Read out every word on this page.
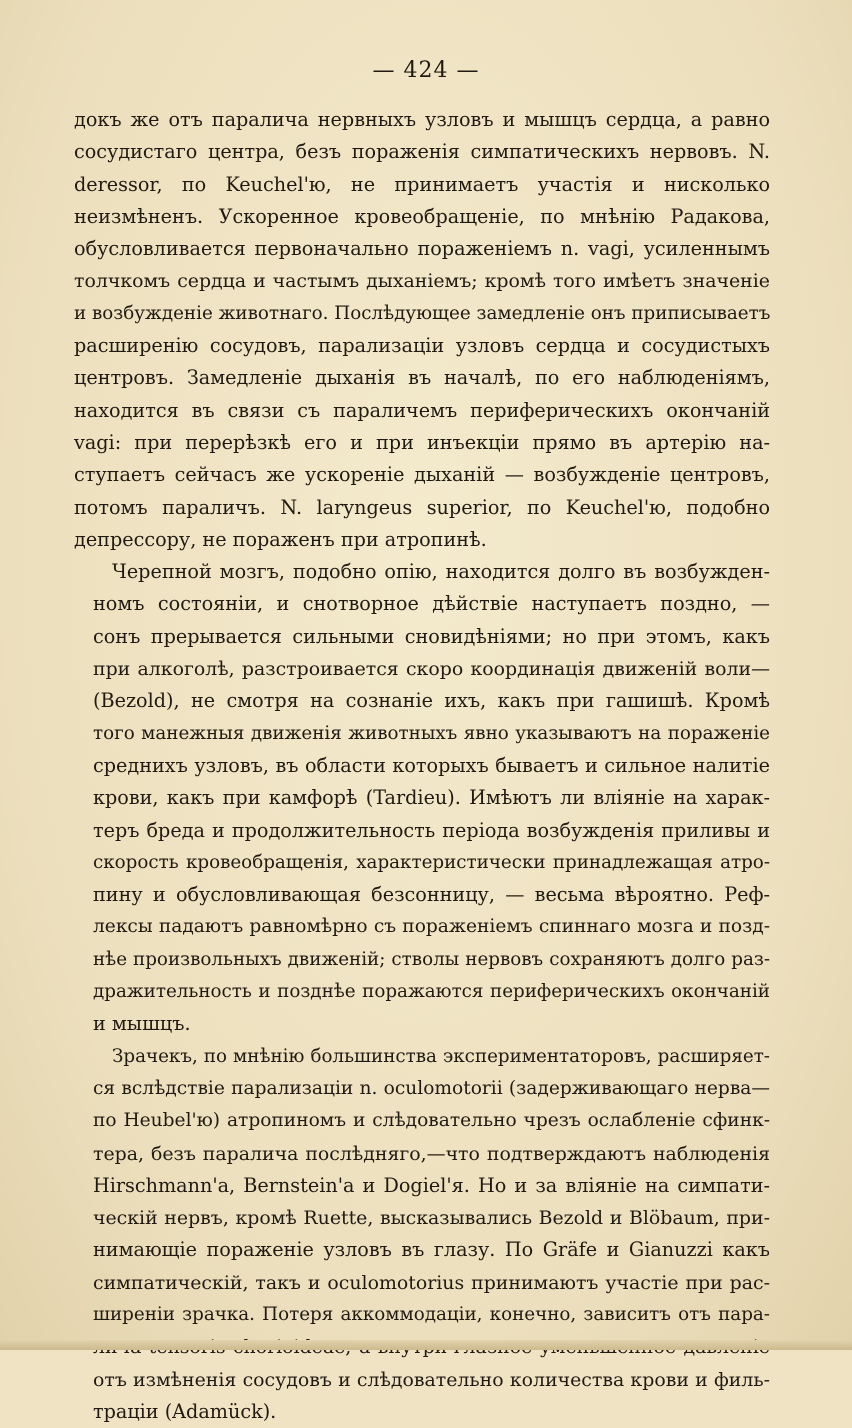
— 424 —

докъ же отъ паралича нервныхъ узловъ и мышцъ сердца, а равно
сосудистаго центра, безъ пораженія симпатическихъ нервовъ. N.
deressor, по Keuchel'ю, не принимаетъ участія и нисколько
неизмѣненъ. Ускоренное кровеобращеніе, по мнѣнію Радакова,
обусловливается первоначально пораженіемъ n. vagi, усиленнымъ
толчкомъ сердца и частымъ дыханіемъ; кромѣ того имѣетъ значеніе
и возбужденіе животнаго. Послѣдующее замедленіе онъ приписываетъ
расширенію сосудовъ, парализаціи узловъ сердца и сосудистыхъ
центровъ. Замедленіе дыханія въ началѣ, по его наблюденіямъ,
находится въ связи съ параличемъ периферическихъ окончаній
vagi: при перерѣзкѣ его и при инъекціи прямо въ артерію на-
ступаетъ сейчасъ же ускореніе дыханій — возбужденіе центровъ,
потомъ параличъ. N. laryngeus superior, по Keuchel'ю, подобно
депрессору, не пораженъ при атропинѣ.

Черепной мозгъ, подобно опію, находится долго въ возбужден-
номъ состояніи, и снотворное дѣйствіе наступаетъ поздно, —
сонъ прерывается сильными сновидѣніями; но при этомъ, какъ
при алкоголѣ, разстроивается скоро координація движеній воли—
(Bezold), не смотря на сознаніе ихъ, какъ при гашишѣ. Кромѣ
того манежныя движенія животныхъ явно указываютъ на пораженіе
среднихъ узловъ, въ области которыхъ бываетъ и сильное налитіе
крови, какъ при камфорѣ (Tardieu). Имѣютъ ли вліяніе на харак-
теръ бреда и продолжительность періода возбужденія приливы и
скорость кровеобращенія, характеристически принадлежащая атро-
пину и обусловливающая безсонницу, — весьма вѣроятно. Реф-
лексы падаютъ равномѣрно съ пораженіемъ спиннаго мозга и позд-
нѣе произвольныхъ движеній; стволы нервовъ сохраняютъ долго раз-
дражительность и позднѣе поражаются периферическихъ окончаній
и мышцъ.

Зрачекъ, по мнѣнію большинства экспериментаторовъ, расширяет-
ся вслѣдствіе парализаціи n. oculomotorii (задерживающаго нерва—
по Heubel'ю) атропиномъ и слѣдовательно чрезъ ослабленіе сфинк-
тера, безъ паралича послѣдняго,—что подтверждаютъ наблюденія
Hirschmann'a, Bernstein'a и Dogiel'я. Но и за вліяніе на симпати-
ческій нервъ, кромѣ Ruette, высказывались Bezold и Blöbaum, при-
нимающіе пораженіе узловъ въ глазу. По Gräfe и Gianuzzi какъ
симпатическій, такъ и oculomotorius принимаютъ участіе при рас-
ширеніи зрачка. Потеря аккоммодаціи, конечно, зависитъ отъ пара-
отъ измѣненія сосудовъ и слѣдовательно количества крови и филь-
траціи (Adamück).
